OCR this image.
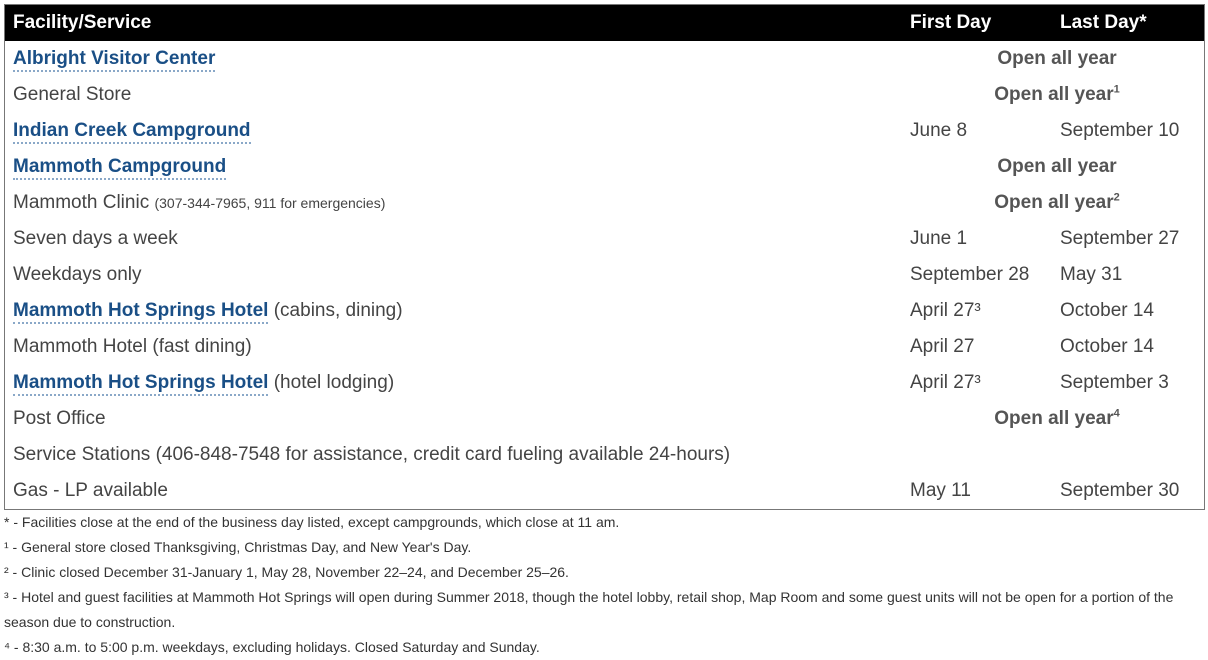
Facility/Service	First Day	Last Day*
Albright Visitor Center	Open all year	
General Store	Open all year$^1$
Indian Creek Campground	June 8	September 10
Mammoth Campground	Open all year	
Mammoth Clinic (307-344-7965, 911 for emergencies)	Open all year$^2$
Seven days a week	June 1	September 27
Weekdays only	September 28	May 31
Mammoth Hot Springs Hotel (cabins, dining)	April 27³	October 14
Mammoth Hotel (fast dining)	April 27	October 14
Mammoth Hot Springs Hotel (hotel lodging)	April 27³	September 3
Post Office	Open all year$^4$
Service Stations (406-848-7548 for assistance, credit card fueling available 24-hours)		
Gas - LP available	May 11	September 30

* - Facilities close at the end of the business day listed, except campgrounds, which close at 11 am.

¹ - General store closed Thanksgiving, Christmas Day, and New Year's Day.

² - Clinic closed December 31-January 1, May 28, November 22–24, and December 25–26.

³ - Hotel and guest facilities at Mammoth Hot Springs will open during Summer 2018, though the hotel lobby, retail shop, Map Room and some guest units will not be open for a portion of the season due to construction.

⁴ - 8:30 a.m. to 5:00 p.m. weekdays, excluding holidays. Closed Saturday and Sunday.
